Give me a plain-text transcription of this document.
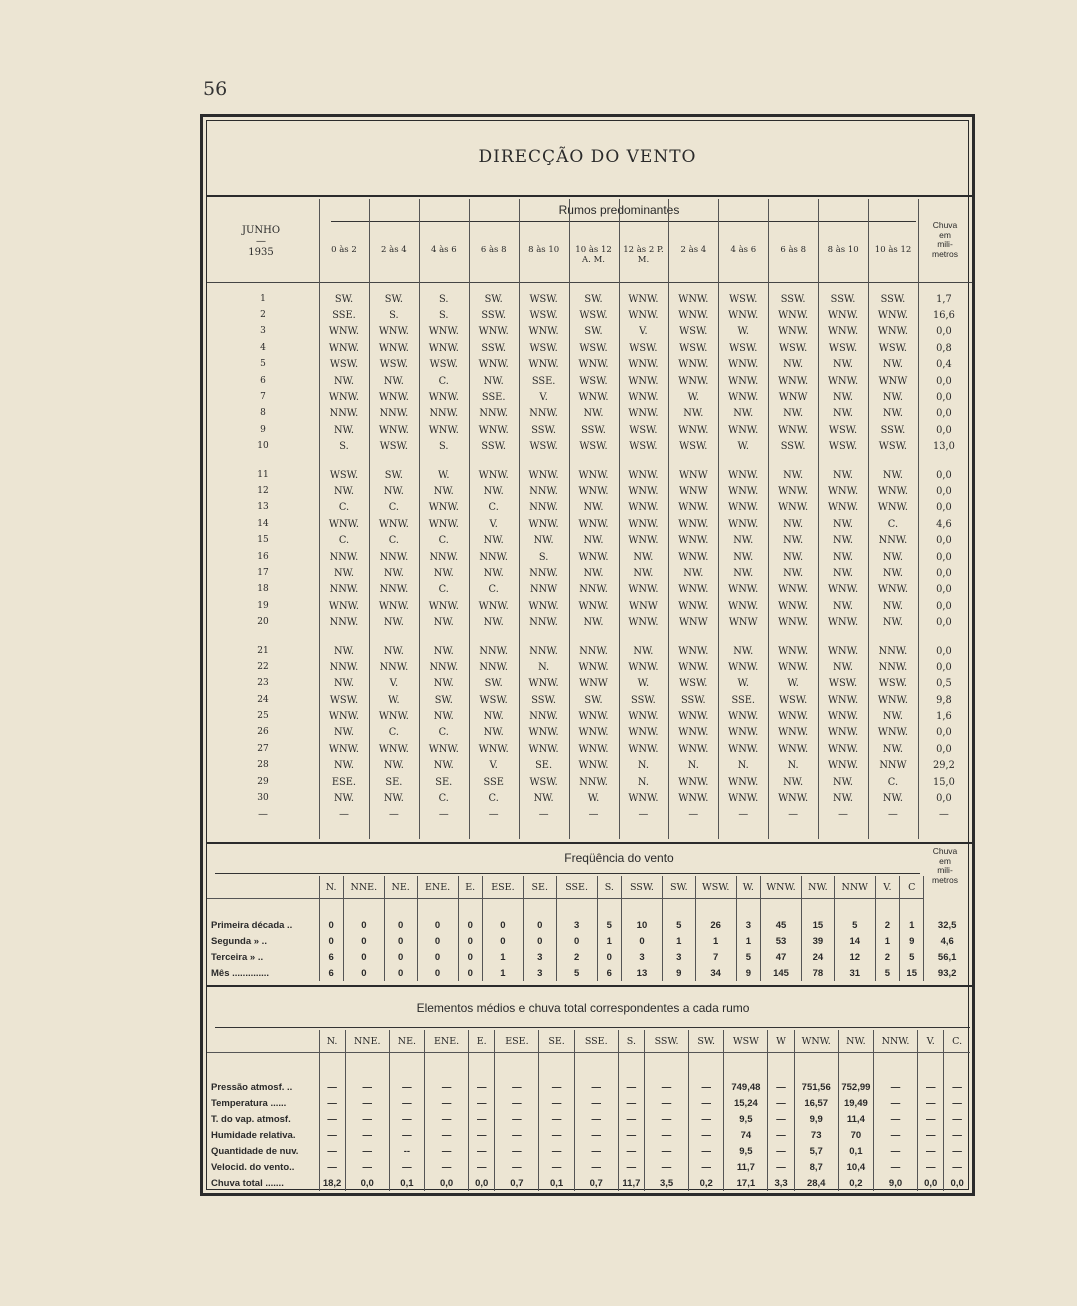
56
DIRECÇÃO DO VENTO
Rumos predominantes
JUNHO
—
1935
Chuva
em
mili-
metros
0 às 2	2 às 4	4 às 6	6 às 8	8 às 10	10 às 12 A. M.
12 às 2 P. M.
2 às 4	4 às 6	6 às 8	8 às 10	10 às 12
1	SW.	SW.	S.	SW.	WSW.	SW.	WNW.	WNW.	WSW.	SSW.	SSW.	SSW.	1,7
2	SSE.	S.	S.	SSW.	WSW.	WSW.	WNW.	WNW.	WNW.	WNW.	WNW.	WNW.	16,6
3	WNW.	WNW.	WNW.	WNW.	WNW.	SW.	V.	WSW.	W.	WNW.	WNW.	WNW.	0,0
4	WNW.	WNW.	WNW.	SSW.	WSW.	WSW.	WSW.	WSW.	WSW.	WSW.	WSW.	WSW.	0,8
5	WSW.	WSW.	WSW.	WNW.	WNW.	WNW.	WNW.	WNW.	WNW.	NW.	NW.	NW.	0,4
6	NW.	NW.	C.	NW.	SSE.	WSW.	WNW.	WNW.	WNW.	WNW.	WNW.	WNW	0,0
7	WNW.	WNW.	WNW.	SSE.	V.	WNW.	WNW.	W.	WNW.	WNW	NW.	NW.	0,0
8	NNW.	NNW.	NNW.	NNW.	NNW.	NW.	WNW.	NW.	NW.	NW.	NW.	NW.	0,0
9	NW.	WNW.	WNW.	WNW.	SSW.	SSW.	WSW.	WNW.	WNW.	WNW.	WSW.	SSW.	0,0
10	S.	WSW.	S.	SSW.	WSW.	WSW.	WSW.	WSW.	W.	SSW.	WSW.	WSW.	13,0

11	WSW.	SW.	W.	WNW.	WNW.	WNW.	WNW.	WNW	WNW.	NW.	NW.	NW.	0,0
12	NW.	NW.	NW.	NW.	NNW.	WNW.	WNW.	WNW	WNW.	WNW.	WNW.	WNW.	0,0
13	C.	C.	WNW.	C.	NNW.	NW.	WNW.	WNW.	WNW.	WNW.	WNW.	WNW.	0,0
14	WNW.	WNW.	WNW.	V.	WNW.	WNW.	WNW.	WNW.	WNW.	NW.	NW.	C.	4,6
15	C.	C.	C.	NW.	NW.	NW.	WNW.	WNW.	NW.	NW.	NW.	NNW.	0,0
16	NNW.	NNW.	NNW.	NNW.	S.	WNW.	NW.	WNW.	NW.	NW.	NW.	NW.	0,0
17	NW.	NW.	NW.	NW.	NNW.	NW.	NW.	NW.	NW.	NW.	NW.	NW.	0,0
18	NNW.	NNW.	C.	C.	NNW	NNW.	WNW.	WNW.	WNW.	WNW.	WNW.	WNW.	0,0
19	WNW.	WNW.	WNW.	WNW.	WNW.	WNW.	WNW	WNW.	WNW.	WNW.	NW.	NW.	0,0
20	NNW.	NW.	NW.	NW.	NNW.	NW.	WNW.	WNW	WNW	WNW.	WNW.	NW.	0,0

21	NW.	NW.	NW.	NNW.	NNW.	NNW.	NW.	WNW.	NW.	WNW.	WNW.	NNW.	0,0
22	NNW.	NNW.	NNW.	NNW.	N.	WNW.	WNW.	WNW.	WNW.	WNW.	NW.	NNW.	0,0
23	NW.	V.	NW.	SW.	WNW.	WNW	W.	WSW.	W.	W.	WSW.	WSW.	0,5
24	WSW.	W.	SW.	WSW.	SSW.	SW.	SSW.	SSW.	SSE.	WSW.	WNW.	WNW.	9,8
25	WNW.	WNW.	NW.	NW.	NNW.	WNW.	WNW.	WNW.	WNW.	WNW.	WNW.	NW.	1,6
26	NW.	C.	C.	NW.	WNW.	WNW.	WNW.	WNW.	WNW.	WNW.	WNW.	WNW.	0,0
27	WNW.	WNW.	WNW.	WNW.	WNW.	WNW.	WNW.	WNW.	WNW.	WNW.	WNW.	NW.	0,0
28	NW.	NW.	NW.	V.	SE.	WNW.	N.	N.	N.	N.	WNW.	NNW	29,2
29	ESE.	SE.	SE.	SSE	WSW.	NNW.	N.	WNW.	WNW.	NW.	NW.	C.	15,0
30	NW.	NW.	C.	C.	NW.	W.	WNW.	WNW.	WNW.	WNW.	NW.	NW.	0,0
—	—	—	—	—	—	—	—	—	—	—	—	—	—
Freqüência do vento	Chuva
em
mili-
metros
	N.	NNE.	NE.	ENE.	E.	ESE.	SE.	SSE.	S.	SSW.	SW.	WSW.	W.	WNW.	NW.	NNW	V.	C	

Primeira década ..	0	0	0	0	0	0	0	3	5	10	5	26	3	45	15	5	2	1	32,5
Segunda » ..	0	0	0	0	0	0	0	0	1	0	1	1	1	53	39	14	1	9	4,6
Terceira » ..	6	0	0	0	0	1	3	2	0	3	3	7	5	47	24	12	2	5	56,1
Mês ..............	6	0	0	0	0	1	3	5	6	13	9	34	9	145	78	31	5	15	93,2
Elementos médios e chuva total correspondentes a cada rumo
	N.	NNE.	NE.	ENE.	E.	ESE.	SE.	SSE.	S.	SSW.	SW.	WSW	W	WNW.	NW.	NNW.	V.	C.

Pressão atmosf. ..	—	—	—	—	—	—	—	—	—	—	—	749,48	—	751,56	752,99	—	—	—
Temperatura ......	—	—	—	—	—	—	—	—	—	—	—	15,24	—	16,57	19,49	—	—	—
T. do vap. atmosf.	—	—	—	—	—	—	—	—	—	—	—	9,5	—	9,9	11,4	—	—	—
Humidade relativa.	—	—	—	—	—	—	—	—	—	—	—	74	—	73	70	—	—	—
Quantidade de nuv.	—	—	--	—	—	—	—	—	—	—	—	9,5	—	5,7	0,1	—	—	—
Velocid. do vento..	—	—	—	—	—	—	—	—	—	—	—	11,7	—	8,7	10,4	—	—	—
Chuva total .......	18,2	0,0	0,1	0,0	0,0	0,7	0,1	0,7	11,7	3,5	0,2	17,1	3,3	28,4	0,2	9,0	0,0	0,0
